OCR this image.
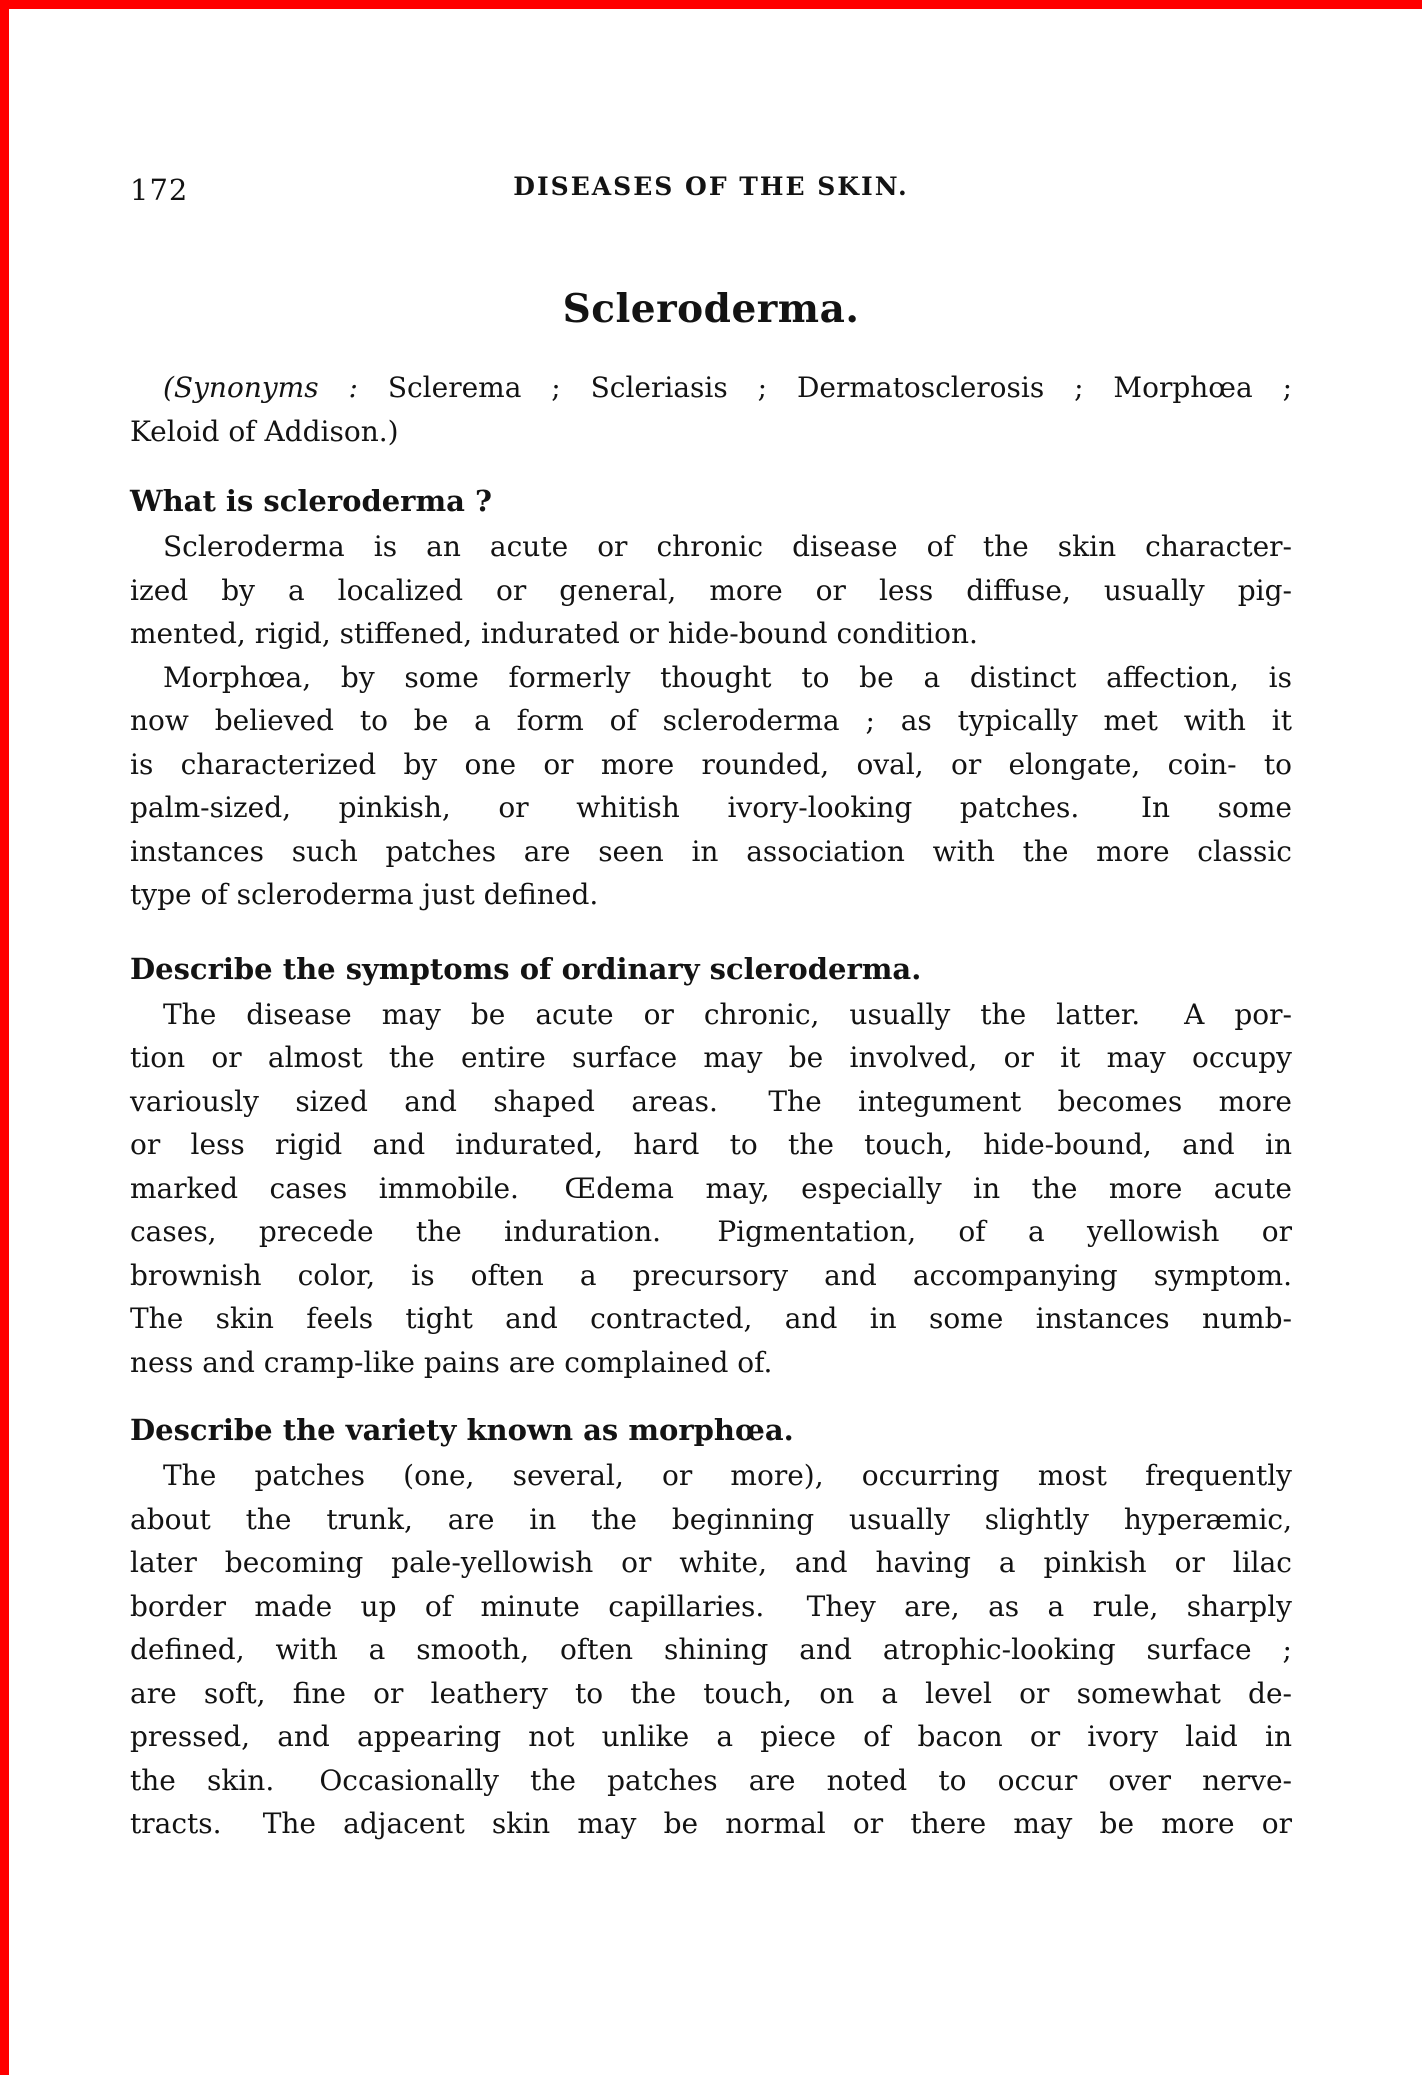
172	DISEASES OF THE SKIN.
Scleroderma.
(Synonyms : Sclerema ; Scleriasis ; Dermatosclerosis ; Morphœa ;
Keloid of Addison.)
What is scleroderma ?
Scleroderma is an acute or chronic disease of the skin character-
ized by a localized or general, more or less diffuse, usually pig-
mented, rigid, stiffened, indurated or hide-bound condition.
Morphœa, by some formerly thought to be a distinct affection, is
now believed to be a form of scleroderma ; as typically met with it
is characterized by one or more rounded, oval, or elongate, coin- to
palm-sized, pinkish, or whitish ivory-looking patches.  In some
instances such patches are seen in association with the more classic
type of scleroderma just defined.
Describe the symptoms of ordinary scleroderma.
The disease may be acute or chronic, usually the latter.  A por-
tion or almost the entire surface may be involved, or it may occupy
variously sized and shaped areas.  The integument becomes more
or less rigid and indurated, hard to the touch, hide-bound, and in
marked cases immobile.  Œdema may, especially in the more acute
cases, precede the induration.  Pigmentation, of a yellowish or
brownish color, is often a precursory and accompanying symptom.
The skin feels tight and contracted, and in some instances numb-
ness and cramp-like pains are complained of.
Describe the variety known as morphœa.
The patches (one, several, or more), occurring most frequently
about the trunk, are in the beginning usually slightly hyperæmic,
later becoming pale-yellowish or white, and having a pinkish or lilac
border made up of minute capillaries.  They are, as a rule, sharply
defined, with a smooth, often shining and atrophic-looking surface ;
are soft, fine or leathery to the touch, on a level or somewhat de-
pressed, and appearing not unlike a piece of bacon or ivory laid in
the skin.  Occasionally the patches are noted to occur over nerve-
tracts.  The adjacent skin may be normal or there may be more or
